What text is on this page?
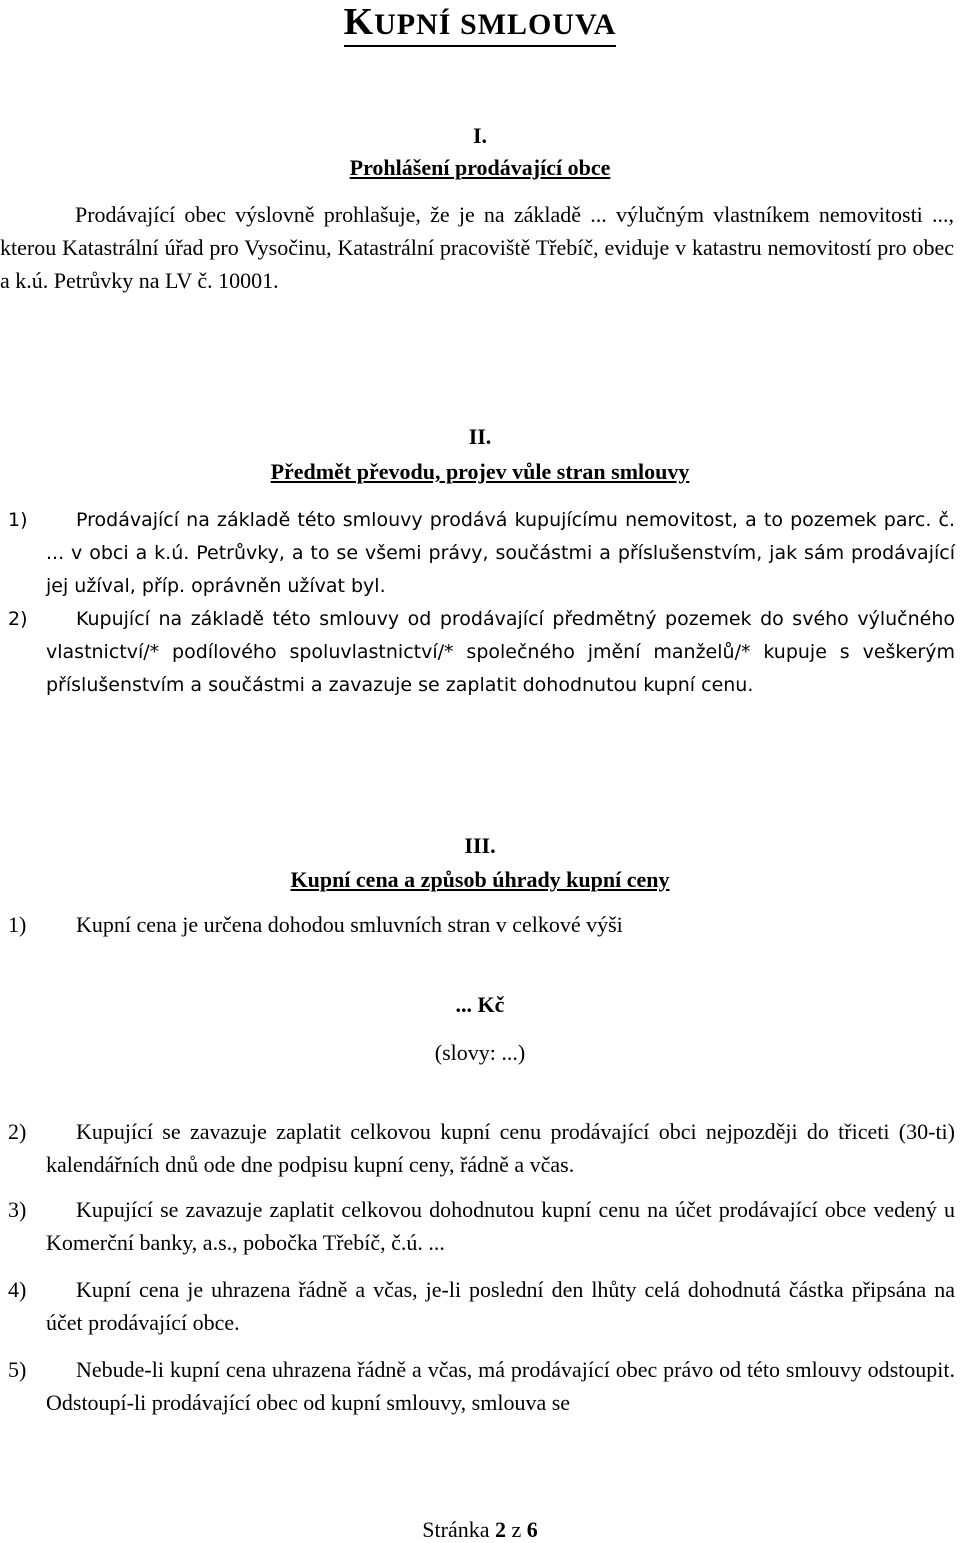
KUPNÍ SMLOUVA
I.
Prohlášení prodávající obce
Prodávající obec výslovně prohlašuje, že je na základě ... výlučným vlastníkem nemovitosti ..., kterou Katastrální úřad pro Vysočinu, Katastrální pracoviště Třebíč, eviduje v katastru nemovitostí pro obec a k.ú. Petrůvky na LV č. 10001.
II.
Předmět převodu, projev vůle stran smlouvy
1)	Prodávající na základě této smlouvy prodává kupujícímu nemovitost, a to pozemek parc. č. ... v obci a k.ú. Petrůvky, a to se všemi právy, součástmi a příslušenstvím, jak sám prodávající jej užíval, příp. oprávněn užívat byl.
2)	Kupující na základě této smlouvy od prodávající předmětný pozemek do svého výlučného vlastnictví/* podílového spoluvlastnictví/* společného jmění manželů/* kupuje s veškerým příslušenstvím a součástmi a zavazuje se zaplatit dohodnutou kupní cenu.
III.
Kupní cena a způsob úhrady kupní ceny
1)	Kupní cena je určena dohodou smluvních stran v celkové výši
... Kč
(slovy: ...)
2)	Kupující se zavazuje zaplatit celkovou kupní cenu prodávající obci nejpozději do třiceti (30-ti) kalendářních dnů ode dne podpisu kupní ceny, řádně a včas.
3)	Kupující se zavazuje zaplatit celkovou dohodnutou kupní cenu na účet prodávající obce vedený u Komerční banky, a.s., pobočka Třebíč, č.ú. ...
4)	Kupní cena je uhrazena řádně a včas, je-li poslední den lhůty celá dohodnutá částka připsána na účet prodávající obce.
5)	Nebude-li kupní cena uhrazena řádně a včas, má prodávající obec právo od této smlouvy odstoupit. Odstoupí-li prodávající obec od kupní smlouvy, smlouva se
Stránka 2 z 6
